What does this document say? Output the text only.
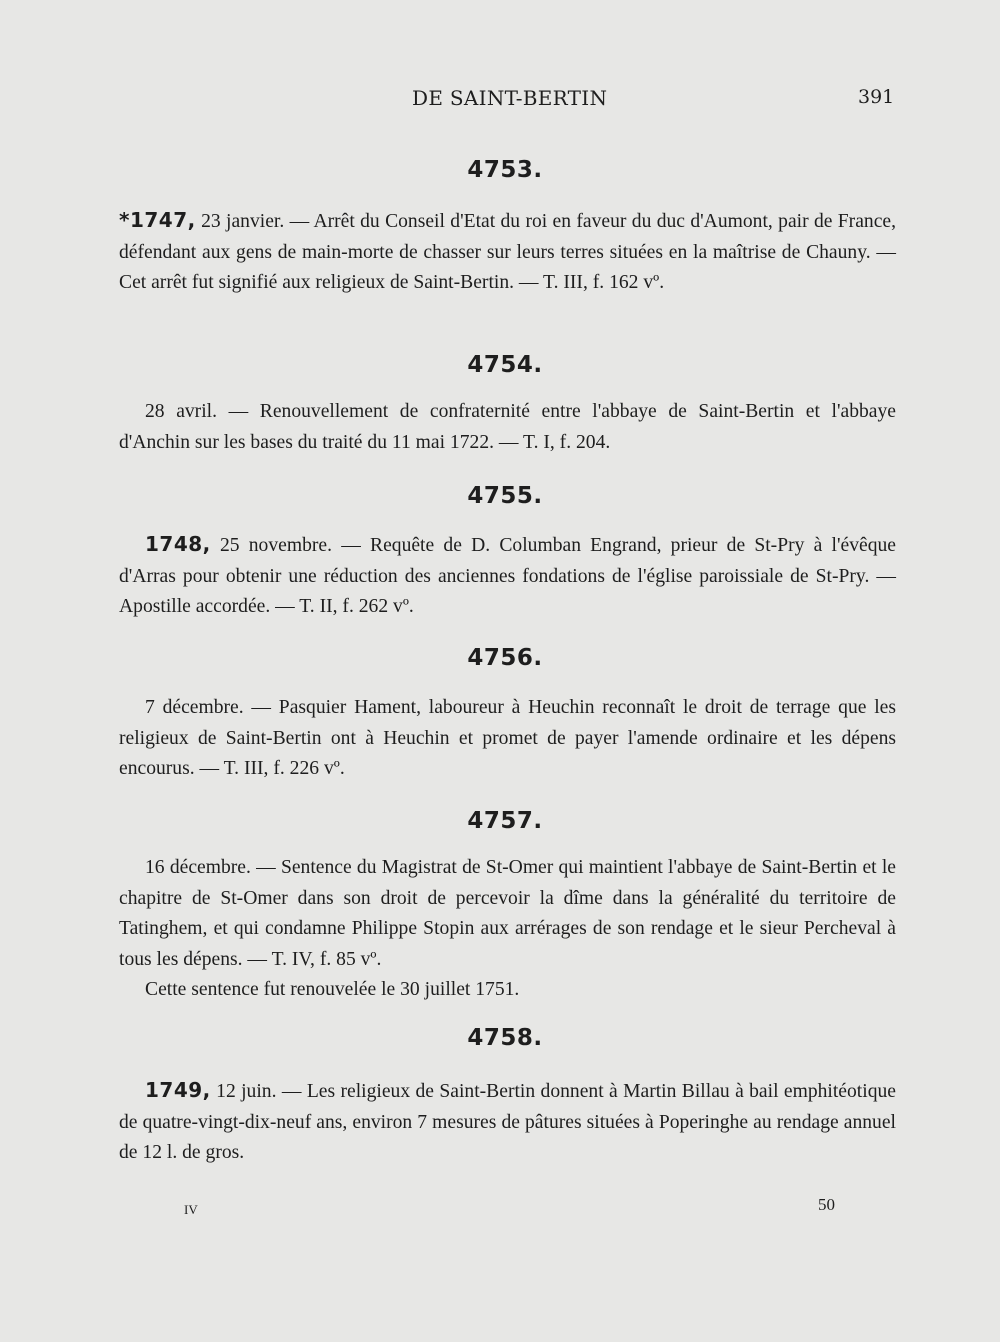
DE SAINT-BERTIN	391
4753.
*1747, 23 janvier. — Arrêt du Conseil d'Etat du roi en faveur du duc d'Aumont, pair de France, défendant aux gens de main-morte de chasser sur leurs terres situées en la maîtrise de Chauny. — Cet arrêt fut signifié aux religieux de Saint-Bertin. — T. III, f. 162 vº.
4754.
28 avril. — Renouvellement de confraternité entre l'abbaye de Saint-Bertin et l'abbaye d'Anchin sur les bases du traité du 11 mai 1722. — T. I, f. 204.
4755.
1748, 25 novembre. — Requête de D. Columban Engrand, prieur de St-Pry à l'évêque d'Arras pour obtenir une réduction des anciennes fondations de l'église paroissiale de St-Pry. — Apostille accordée. — T. II, f. 262 vº.
4756.
7 décembre. — Pasquier Hament, laboureur à Heuchin reconnaît le droit de terrage que les religieux de Saint-Bertin ont à Heuchin et promet de payer l'amende ordinaire et les dépens encourus. — T. III, f. 226 vº.
4757.
16 décembre. — Sentence du Magistrat de St-Omer qui maintient l'abbaye de Saint-Bertin et le chapitre de St-Omer dans son droit de percevoir la dîme dans la généralité du territoire de Tatinghem, et qui condamne Philippe Stopin aux arrérages de son rendage et le sieur Percheval à tous les dépens. — T. IV, f. 85 vº.
Cette sentence fut renouvelée le 30 juillet 1751.
4758.
1749, 12 juin. — Les religieux de Saint-Bertin donnent à Martin Billau à bail emphitéotique de quatre-vingt-dix-neuf ans, environ 7 mesures de pâtures situées à Poperinghe au rendage annuel de 12 l. de gros.
IV	50
